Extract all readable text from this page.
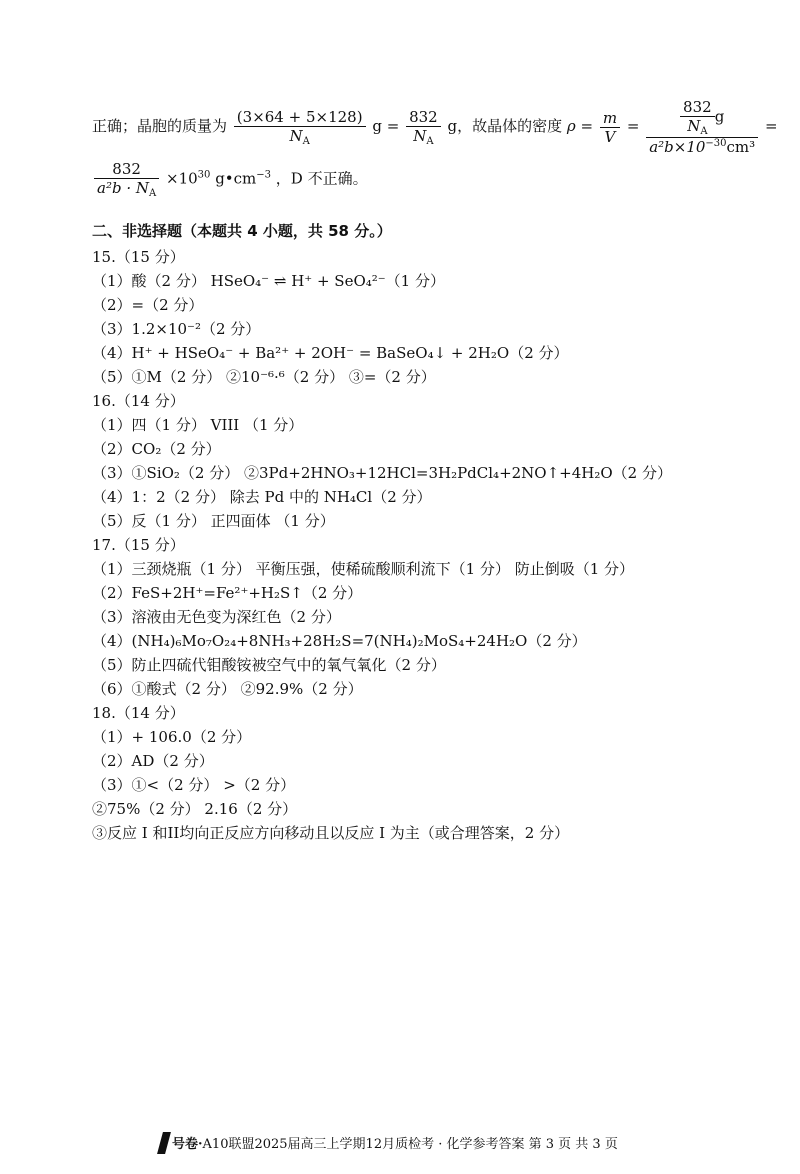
正确；晶胞的质量为 $\frac{(3\times 64 + 5\times 128)}{N_A}$ $g = \frac{832}{N_A}$ g，故晶体的密度 $\rho = \frac{m}{V} = \frac{\frac{832}{N_A} g}{a^2b\times 10^{-30}cm^3}$ =
$\frac{832}{a^2b \cdot N_A} \times 10^{30}$ $g•cm^{-3}$ ，D 不正确。
二、非选择题（本题共 4 小题，共 58 分。）
15.（15 分）
（1）酸（2 分） HSeO₄⁻ ⇌ H⁺ + SeO₄²⁻（1 分）
（2）=（2 分）
（3）1.2×10⁻²（2 分）
（4）H⁺ + HSeO₄⁻ + Ba²⁺ + 2OH⁻ = BaSeO₄↓ + 2H₂O（2 分）
（5）①M（2 分） ②10⁻⁶·⁶（2 分） ③=（2 分）
16.（14 分）
（1）四（1 分） VIII （1 分）
（2）CO₂（2 分）
（3）①SiO₂（2 分） ②3Pd+2HNO₃+12HCl=3H₂PdCl₄+2NO↑+4H₂O（2 分）
（4）1：2（2 分） 除去 Pd 中的 NH₄Cl（2 分）
（5）反（1 分） 正四面体 （1 分）
17.（15 分）
（1）三颈烧瓶（1 分） 平衡压强，使稀硫酸顺利流下（1 分） 防止倒吸（1 分）
（2）FeS+2H⁺=Fe²⁺+H₂S↑（2 分）
（3）溶液由无色变为深红色（2 分）
（4）(NH₄)₆Mo₇O₂₄+8NH₃+28H₂S=7(NH₄)₂MoS₄+24H₂O（2 分）
（5）防止四硫代钼酸铵被空气中的氧气氧化（2 分）
（6）①酸式（2 分） ②92.9%（2 分）
18.（14 分）
（1）+ 106.0（2 分）
（2）AD（2 分）
（3）①<（2 分） >（2 分）
②75%（2 分） 2.16（2 分）
③反应 I 和II均向正反应方向移动且以反应 I 为主（或合理答案，2 分）
号卷·A10联盟2025届高三上学期12月质检考 · 化学参考答案 第 3 页 共 3 页
